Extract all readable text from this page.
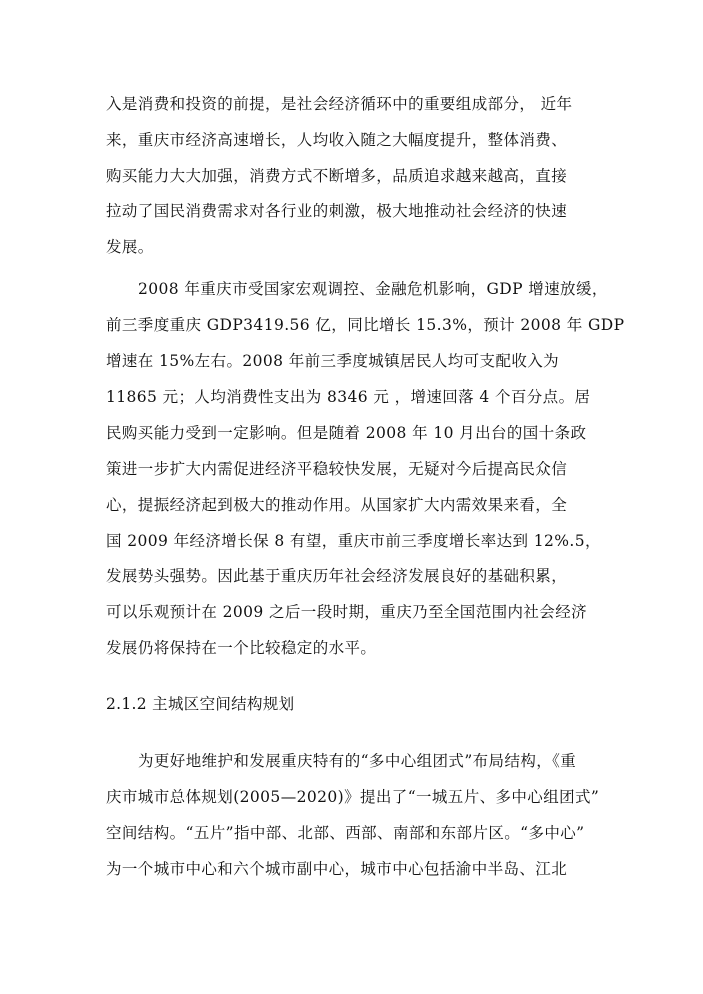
入是消费和投资的前提，是社会经济循环中的重要组成部分， 近年
来，重庆市经济高速增长，人均收入随之大幅度提升，整体消费、
购买能力大大加强，消费方式不断增多，品质追求越来越高，直接
拉动了国民消费需求对各行业的刺激，极大地推动社会经济的快速
发展。
2008 年重庆市受国家宏观调控、金融危机影响，GDP 增速放缓，
前三季度重庆 GDP3419.56 亿，同比增长 15.3%，预计 2008 年 GDP
增速在 15%左右。2008 年前三季度城镇居民人均可支配收入为
11865 元；人均消费性支出为 8346 元 ，增速回落 4 个百分点。居
民购买能力受到一定影响。但是随着 2008 年 10 月出台的国十条政
策进一步扩大内需促进经济平稳较快发展，无疑对今后提高民众信
心，提振经济起到极大的推动作用。从国家扩大内需效果来看，全
国 2009 年经济增长保 8 有望，重庆市前三季度增长率达到 12%.5，
发展势头强势。因此基于重庆历年社会经济发展良好的基础积累，
可以乐观预计在 2009 之后一段时期，重庆乃至全国范围内社会经济
发展仍将保持在一个比较稳定的水平。
2.1.2 主城区空间结构规划
为更好地维护和发展重庆特有的“多中心组团式”布局结构，《重
庆市城市总体规划(2005—2020)》提出了“一城五片、多中心组团式”
空间结构。“五片”指中部、北部、西部、南部和东部片区。“多中心”
为一个城市中心和六个城市副中心，城市中心包括渝中半岛、江北
